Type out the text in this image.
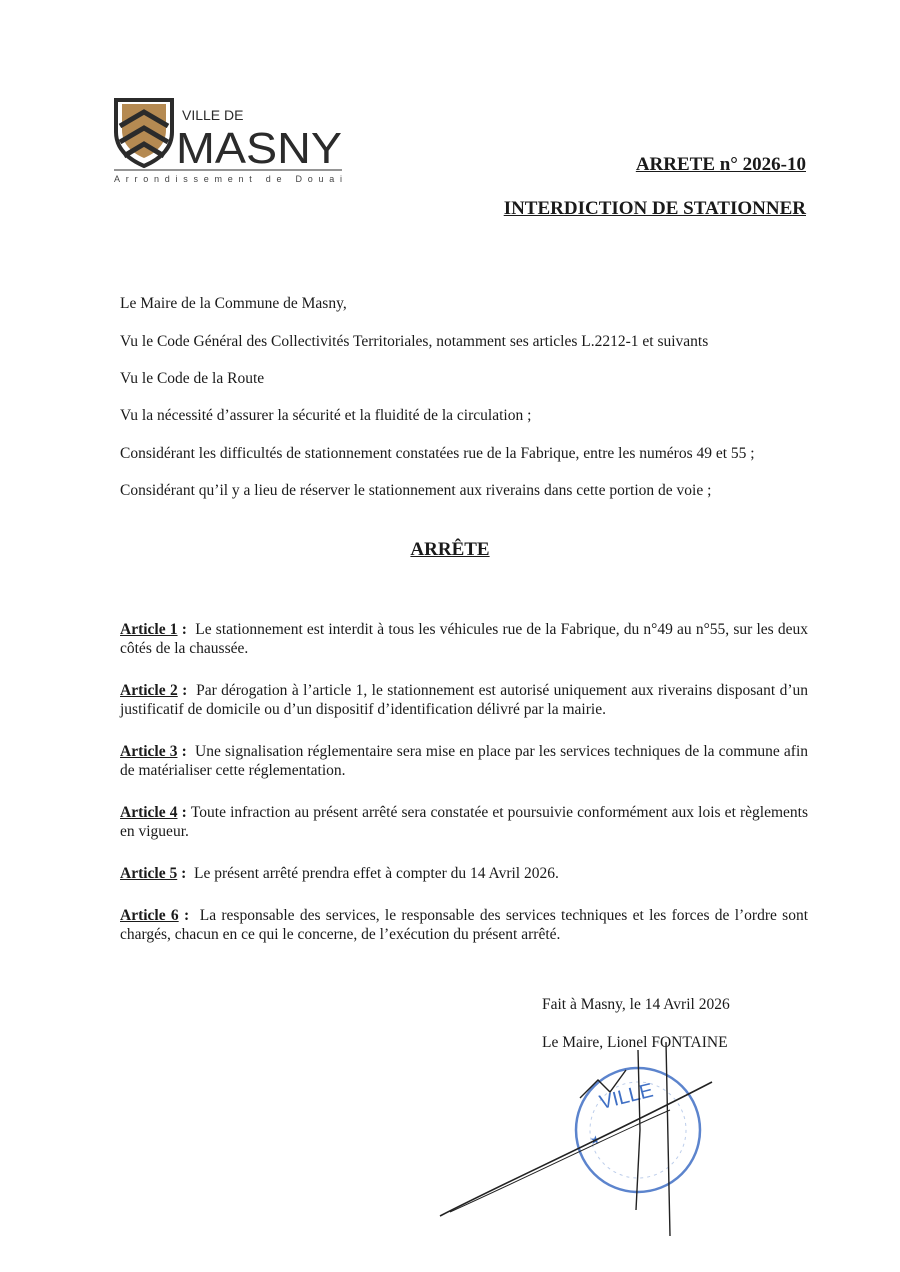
VILLE DE
MASNY
Arrondissement de Douai
ARRETE n° 2026-10
INTERDICTION DE STATIONNER
Le Maire de la Commune de Masny,
Vu le Code Général des Collectivités Territoriales, notamment ses articles L.2212-1 et suivants
Vu le Code de la Route
Vu la nécessité d’assurer la sécurité et la fluidité de la circulation ;
Considérant les difficultés de stationnement constatées rue de la Fabrique, entre les numéros 49 et 55 ;
Considérant qu’il y a lieu de réserver le stationnement aux riverains dans cette portion de voie ;
ARRÊTE
Article 1 :  Le stationnement est interdit à tous les véhicules rue de la Fabrique, du n°49 au n°55, sur les deux côtés de la chaussée.
Article 2 :  Par dérogation à l’article 1, le stationnement est autorisé uniquement aux riverains disposant d’un justificatif de domicile ou d’un dispositif d’identification délivré par la mairie.
Article 3 :  Une signalisation réglementaire sera mise en place par les services techniques de la commune afin de matérialiser cette réglementation.
Article 4 : Toute infraction au présent arrêté sera constatée et poursuivie conformément aux lois et règlements en vigueur.
Article 5 :  Le présent arrêté prendra effet à compter du 14 Avril 2026.
Article 6 :  La responsable des services, le responsable des services techniques et les forces de l’ordre sont chargés, chacun en ce qui le concerne, de l’exécution du présent arrêté.
Fait à Masny, le 14 Avril 2026
Le Maire, Lionel FONTAINE
VILLE
★
